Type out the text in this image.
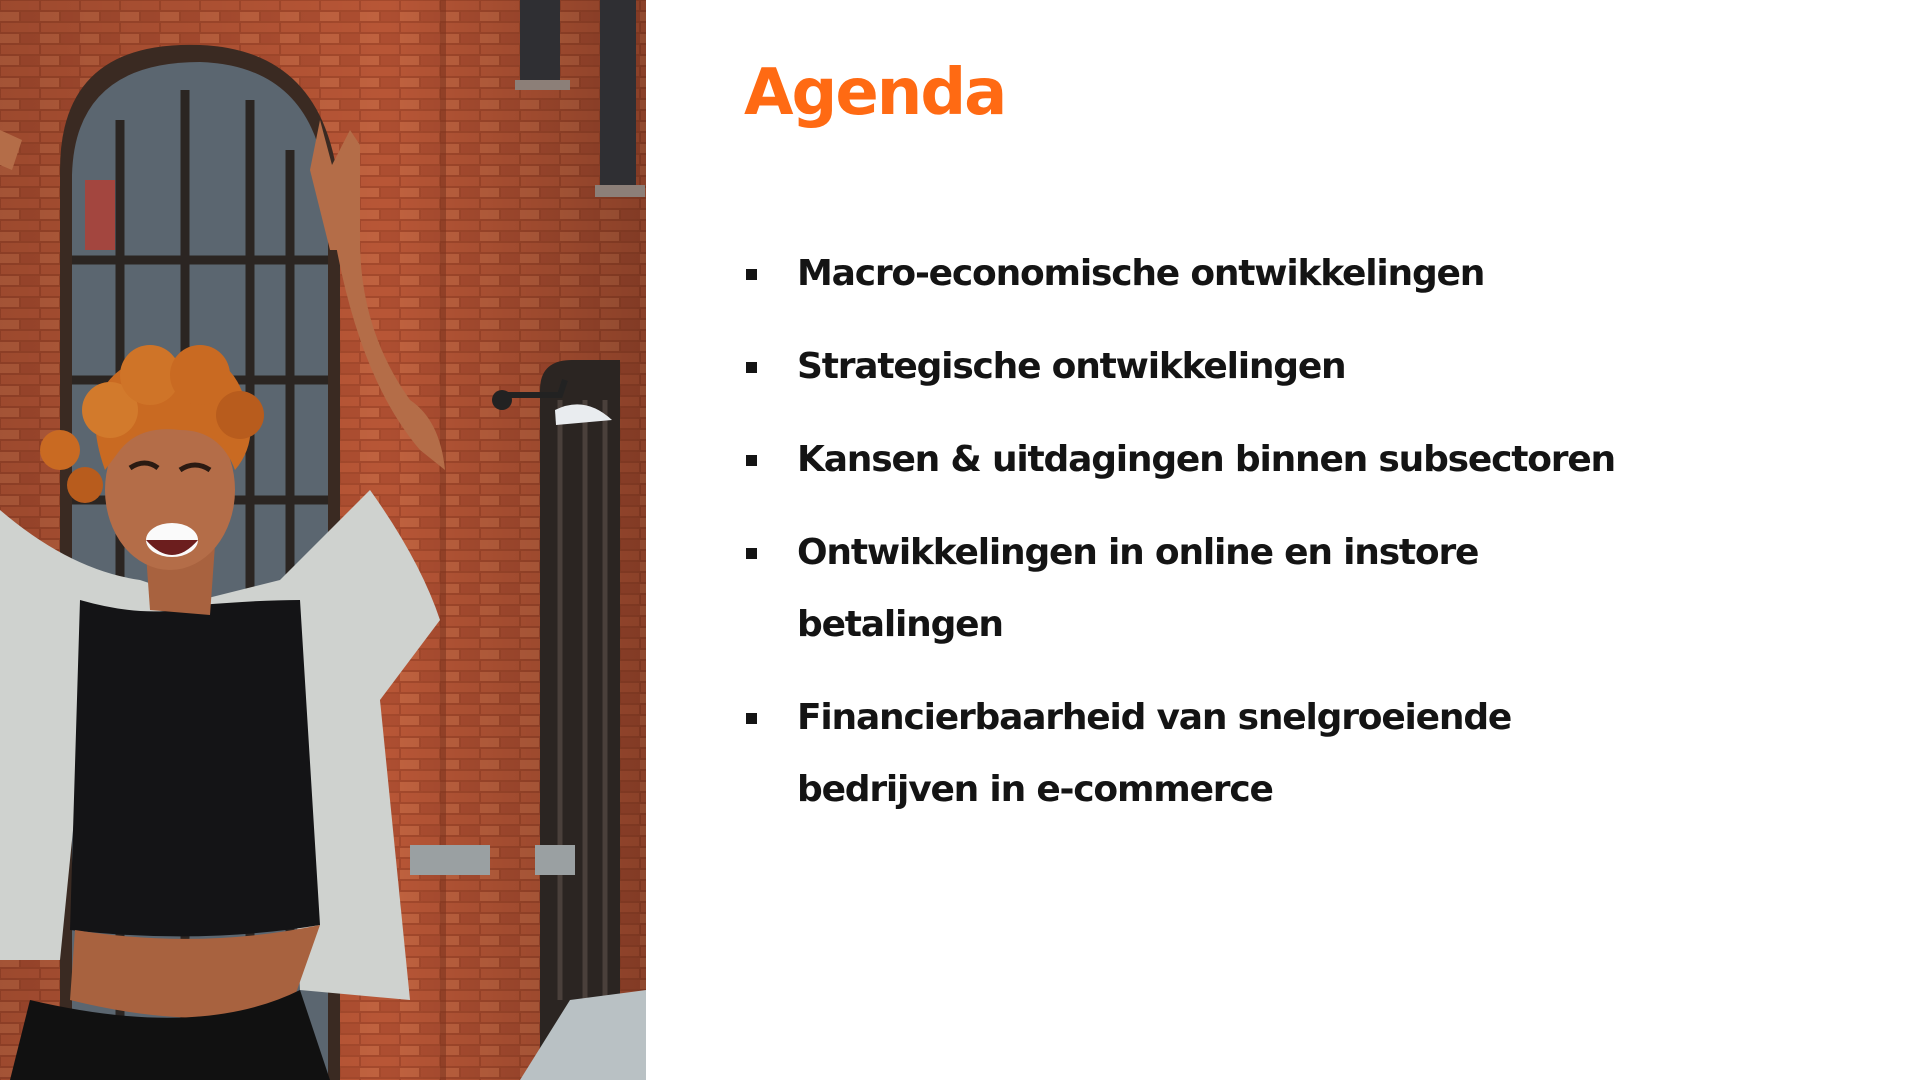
Agenda
Macro-economische ontwikkelingen
Strategische ontwikkelingen
Kansen & uitdagingen binnen subsectoren
Ontwikkelingen in online en instore betalingen
Financierbaarheid van snelgroeiende bedrijven in e-commerce
